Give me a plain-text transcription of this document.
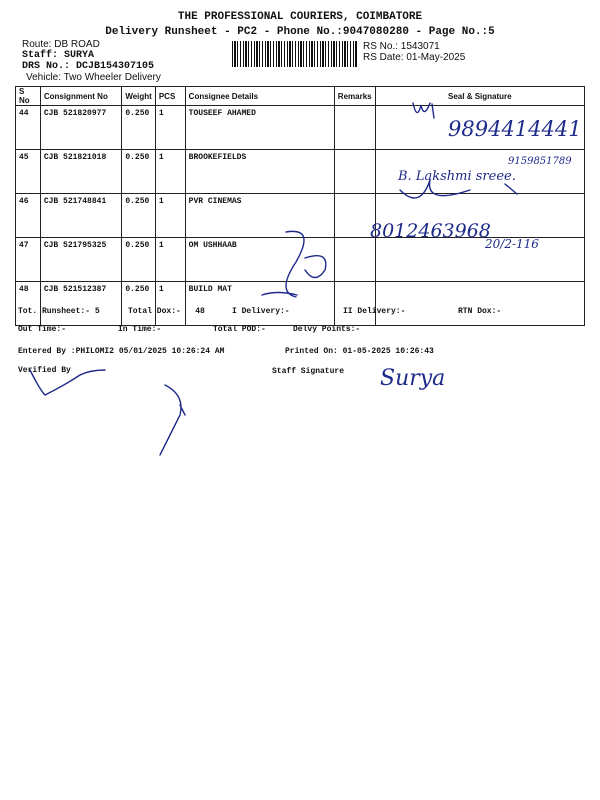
THE PROFESSIONAL COURIERS, COIMBATORE
Delivery Runsheet - PC2 - Phone No.:9047080280 - Page No.:5
Route: DB ROAD
Staff: SURYA
DRS No.: DCJB154307105
Vehicle: Two Wheeler Delivery
RS No.: 1543071
RS Date: 01-May-2025
S No	Consignment No	Weight	PCS	Consignee Details	Remarks	Seal & Signature
44	CJB 521820977	0.250	1	TOUSEEF AHAMED		
45	CJB 521821018	0.250	1	BROOKEFIELDS		
46	CJB 521748841	0.250	1	PVR CINEMAS		
47	CJB 521795325	0.250	1	OM USHHAAB		
48	CJB 521512387	0.250	1	BUILD MAT		
9894414441
B. Lakshmi sreee.
9159851789
8012463968
20/2-116
Surya
Tot. Runsheet:- 5	Total Dox:-   48	I Delivery:-	II Delivery:-	RTN Dox:-
Out Time:-	In Time:-	Total POD:-	Delvy Points:-
Entered By :PHILOMI2 05/01/2025 10:26:24 AM	Printed On: 01-05-2025 10:26:43
Verified By	Staff Signature
